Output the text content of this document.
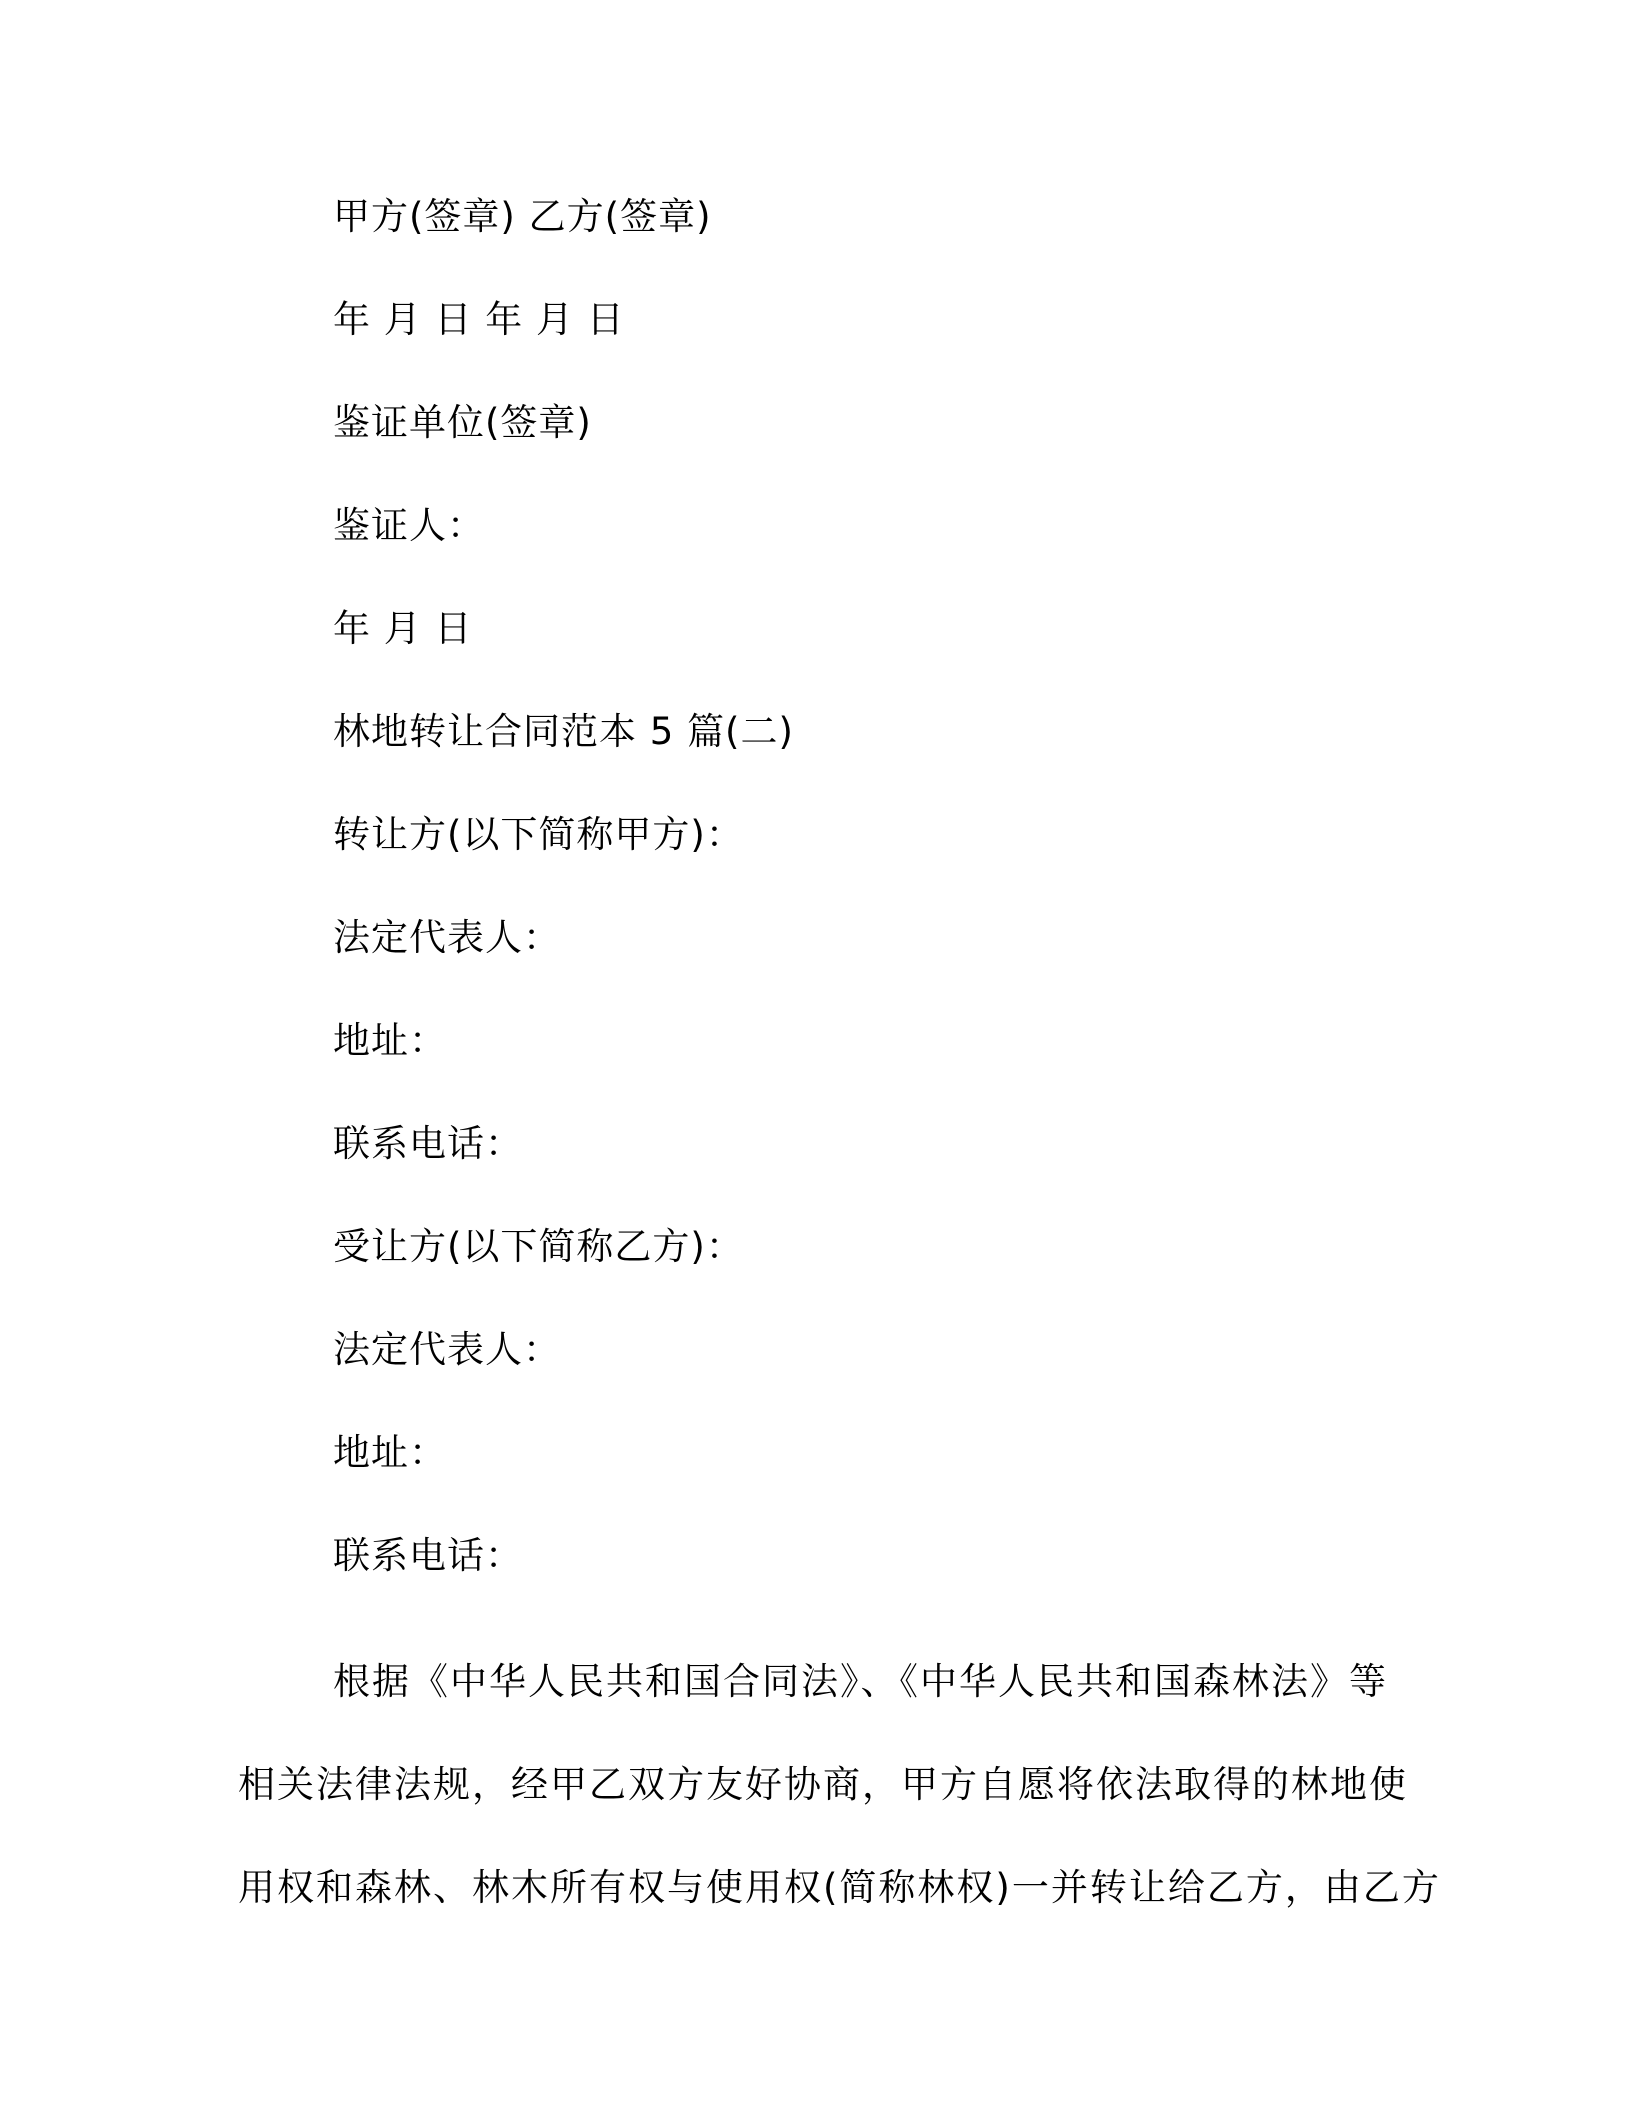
甲方(签章) 乙方(签章)
年 月 日 年 月 日
鉴证单位(签章)
鉴证人：
年 月 日
林地转让合同范本 5 篇(二)
转让方(以下简称甲方)：
法定代表人：
地址：
联系电话：
受让方(以下简称乙方)：
法定代表人：
地址：
联系电话：
根据《中华人民共和国合同法》、《中华人民共和国森林法》等
相关法律法规，经甲乙双方友好协商，甲方自愿将依法取得的林地使
用权和森林、林木所有权与使用权(简称林权)一并转让给乙方，由乙方
